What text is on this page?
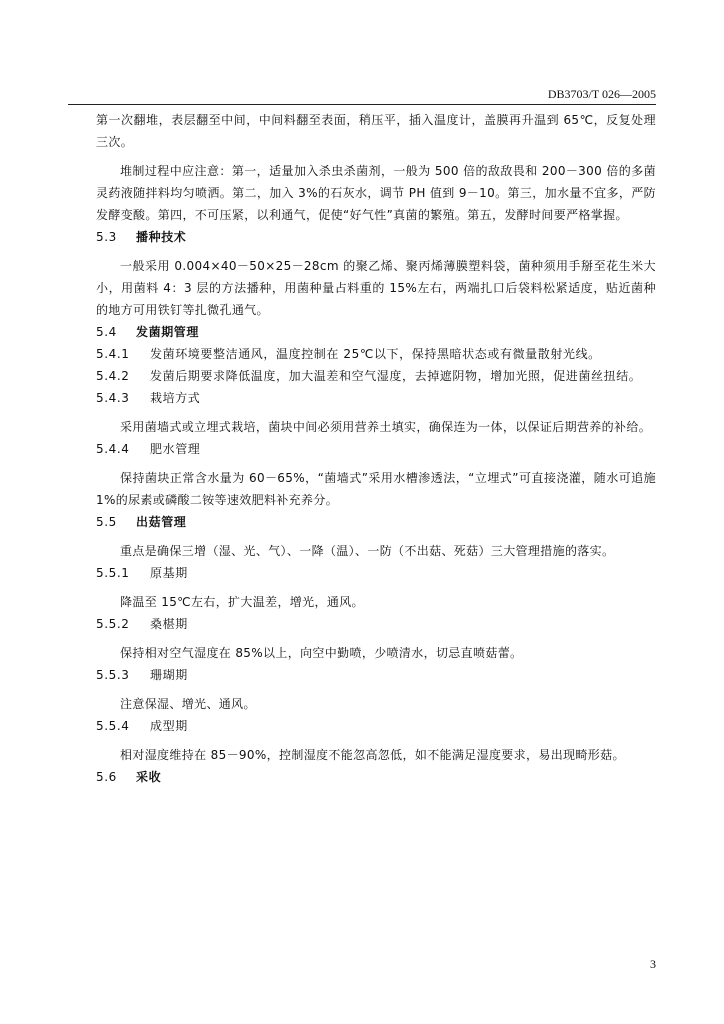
DB3703/T 026—2005

第一次翻堆，表层翻至中间，中间料翻至表面，稍压平，插入温度计，盖膜再升温到 65℃，反复处理三次。

堆制过程中应注意：第一，适量加入杀虫杀菌剂，一般为 500 倍的敌敌畏和 200－300 倍的多菌灵药液随拌料均匀喷洒。第二，加入 3%的石灰水，调节 PH 值到 9－10。第三，加水量不宜多，严防发酵变酸。第四，不可压紧，以利通气，促使“好气性”真菌的繁殖。第五，发酵时间要严格掌握。

5.3 播种技术

一般采用 0.004×40－50×25－28cm 的聚乙烯、聚丙烯薄膜塑料袋，菌种须用手掰至花生米大小，用菌料 4：3 层的方法播种，用菌种量占料重的 15%左右，两端扎口后袋料松紧适度，贴近菌种的地方可用铁钉等扎微孔通气。

5.4 发菌期管理

5.4.1 发菌环境要整洁通风，温度控制在 25℃以下，保持黑暗状态或有微量散射光线。

5.4.2 发菌后期要求降低温度，加大温差和空气湿度，去掉遮阴物，增加光照，促进菌丝扭结。

5.4.3 栽培方式

采用菌墙式或立埋式栽培，菌块中间必须用营养土填实，确保连为一体，以保证后期营养的补给。

5.4.4 肥水管理

保持菌块正常含水量为 60－65%，“菌墙式”采用水槽渗透法，“立埋式”可直接浇灌，随水可追施 1%的尿素或磷酸二铵等速效肥料补充养分。

5.5 出菇管理

重点是确保三增（湿、光、气）、一降（温）、一防（不出菇、死菇）三大管理措施的落实。

5.5.1 原基期

降温至 15℃左右，扩大温差，增光，通风。

5.5.2 桑椹期

保持相对空气湿度在 85%以上，向空中勤喷，少喷清水，切忌直喷菇蕾。

5.5.3 珊瑚期

注意保湿、增光、通风。

5.5.4 成型期

相对湿度维持在 85－90%，控制湿度不能忽高忽低，如不能满足湿度要求，易出现畸形菇。

5.6 采收

3
